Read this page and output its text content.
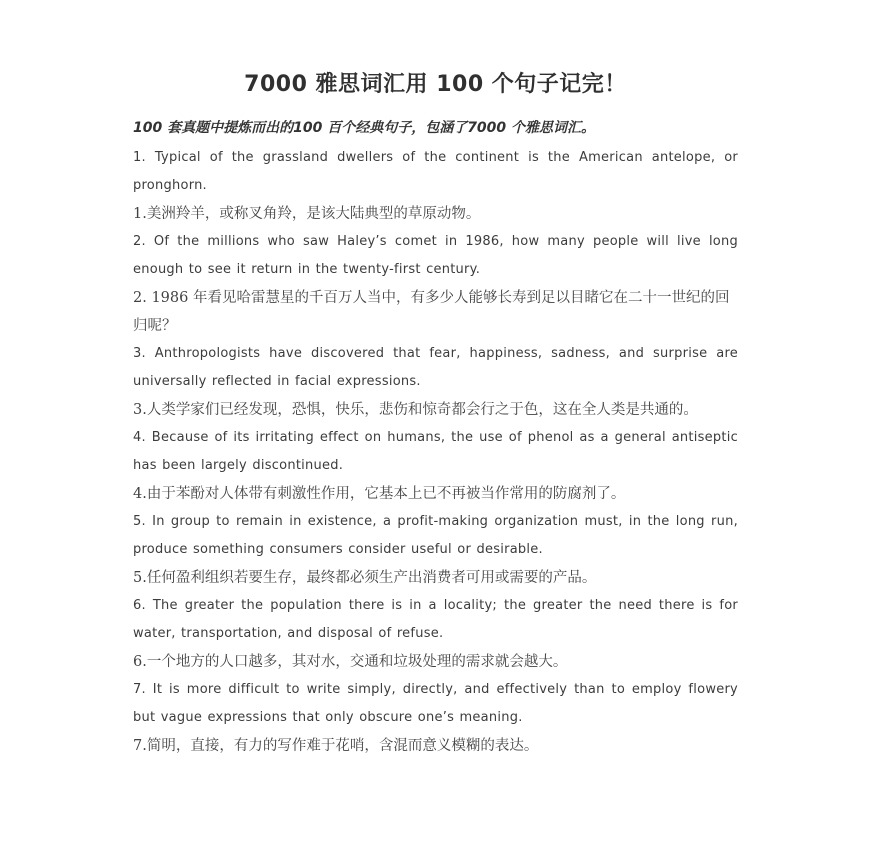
7000 雅思词汇用 100 个句子记完！

100 套真题中提炼而出的100 百个经典句子，包涵了7000 个雅思词汇。

1. Typical of the grassland dwellers of the continent is the American antelope, or pronghorn.

1.美洲羚羊，或称叉角羚，是该大陆典型的草原动物。

2. Of the millions who saw Haley’s comet in 1986, how many people will live long enough to see it return in the twenty-first century.

2. 1986 年看见哈雷慧星的千百万人当中，有多少人能够长寿到足以目睹它在二十一世纪的回归呢？

3. Anthropologists have discovered that fear, happiness, sadness, and surprise are universally reflected in facial expressions.

3.人类学家们已经发现，恐惧，快乐，悲伤和惊奇都会行之于色，这在全人类是共通的。

4. Because of its irritating effect on humans, the use of phenol as a general antiseptic has been largely discontinued.

4.由于苯酚对人体带有刺激性作用，它基本上已不再被当作常用的防腐剂了。

5. In group to remain in existence, a profit-making organization must, in the long run, produce something consumers consider useful or desirable.

5.任何盈利组织若要生存，最终都必须生产出消费者可用或需要的产品。

6. The greater the population there is in a locality; the greater the need there is for water, transportation, and disposal of refuse.

6.一个地方的人口越多，其对水，交通和垃圾处理的需求就会越大。

7. It is more difficult to write simply, directly, and effectively than to employ flowery but vague expressions that only obscure one’s meaning.

7.简明，直接，有力的写作难于花哨，含混而意义模糊的表达。
